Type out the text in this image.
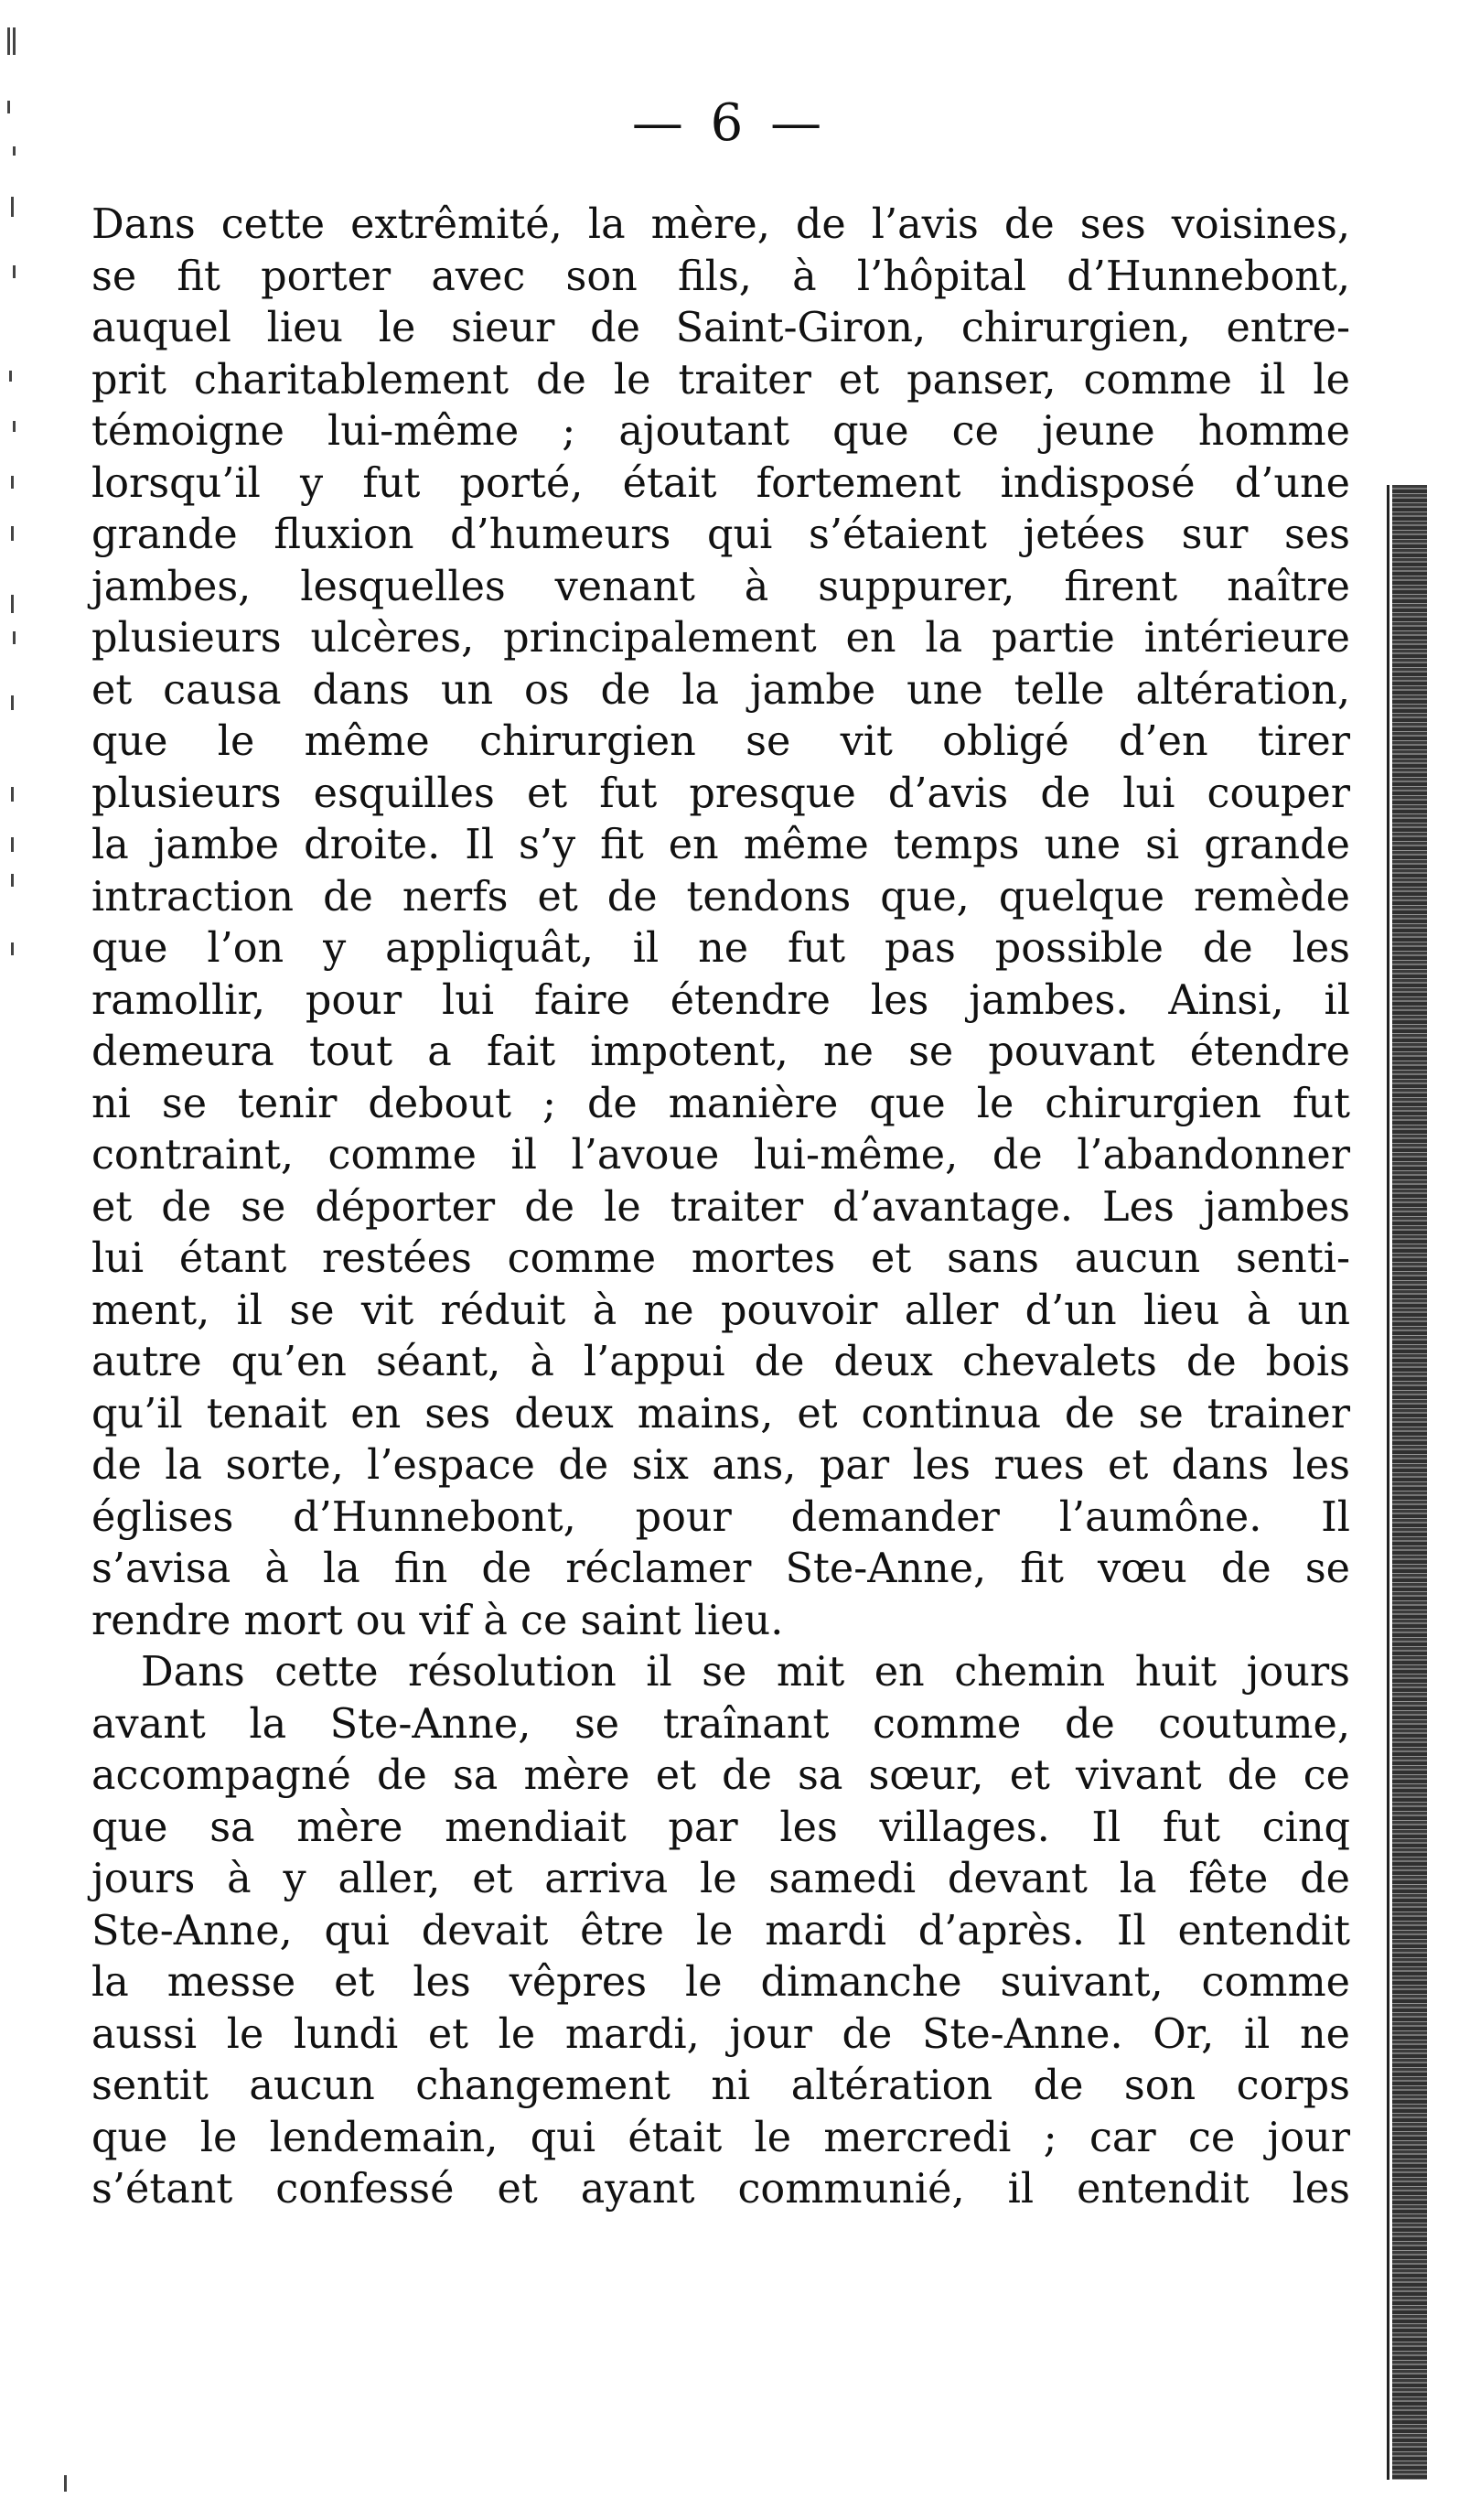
— 6 —
Dans cette extrêmité, la mère, de l’avis de ses voisines,
se fit porter avec son fils, à l’hôpital d’Hunnebont,
auquel lieu le sieur de Saint-Giron, chirurgien, entre-
prit charitablement de le traiter et panser, comme il le
témoigne lui-même ; ajoutant que ce jeune homme
lorsqu’il y fut porté, était fortement indisposé d’une
grande fluxion d’humeurs qui s’étaient jetées sur ses
jambes, lesquelles venant à suppurer, firent naître
plusieurs ulcères, principalement en la partie intérieure
et causa dans un os de la jambe une telle altération,
que le même chirurgien se vit obligé d’en tirer
plusieurs esquilles et fut presque d’avis de lui couper
la jambe droite. Il s’y fit en même temps une si grande
intraction de nerfs et de tendons que, quelque remède
que l’on y appliquât, il ne fut pas possible de les
ramollir, pour lui faire étendre les jambes. Ainsi, il
demeura tout a fait impotent, ne se pouvant étendre
ni se tenir debout ; de manière que le chirurgien fut
contraint, comme il l’avoue lui-même, de l’abandonner
et de se déporter de le traiter d’avantage. Les jambes
lui étant restées comme mortes et sans aucun senti-
ment, il se vit réduit à ne pouvoir aller d’un lieu à un
autre qu’en séant, à l’appui de deux chevalets de bois
qu’il tenait en ses deux mains, et continua de se trainer
de la sorte, l’espace de six ans, par les rues et dans les
églises d’Hunnebont, pour demander l’aumône. Il
s’avisa à la fin de réclamer Ste-Anne, fit vœu de se
rendre mort ou vif à ce saint lieu.
Dans cette résolution il se mit en chemin huit jours
avant la Ste-Anne, se traînant comme de coutume,
accompagné de sa mère et de sa sœur, et vivant de ce
que sa mère mendiait par les villages. Il fut cinq
jours à y aller, et arriva le samedi devant la fête de
Ste-Anne, qui devait être le mardi d’après. Il entendit
la messe et les vêpres le dimanche suivant, comme
aussi le lundi et le mardi, jour de Ste-Anne. Or, il ne
sentit aucun changement ni altération de son corps
que le lendemain, qui était le mercredi ; car ce jour
s’étant confessé et ayant communié, il entendit les
